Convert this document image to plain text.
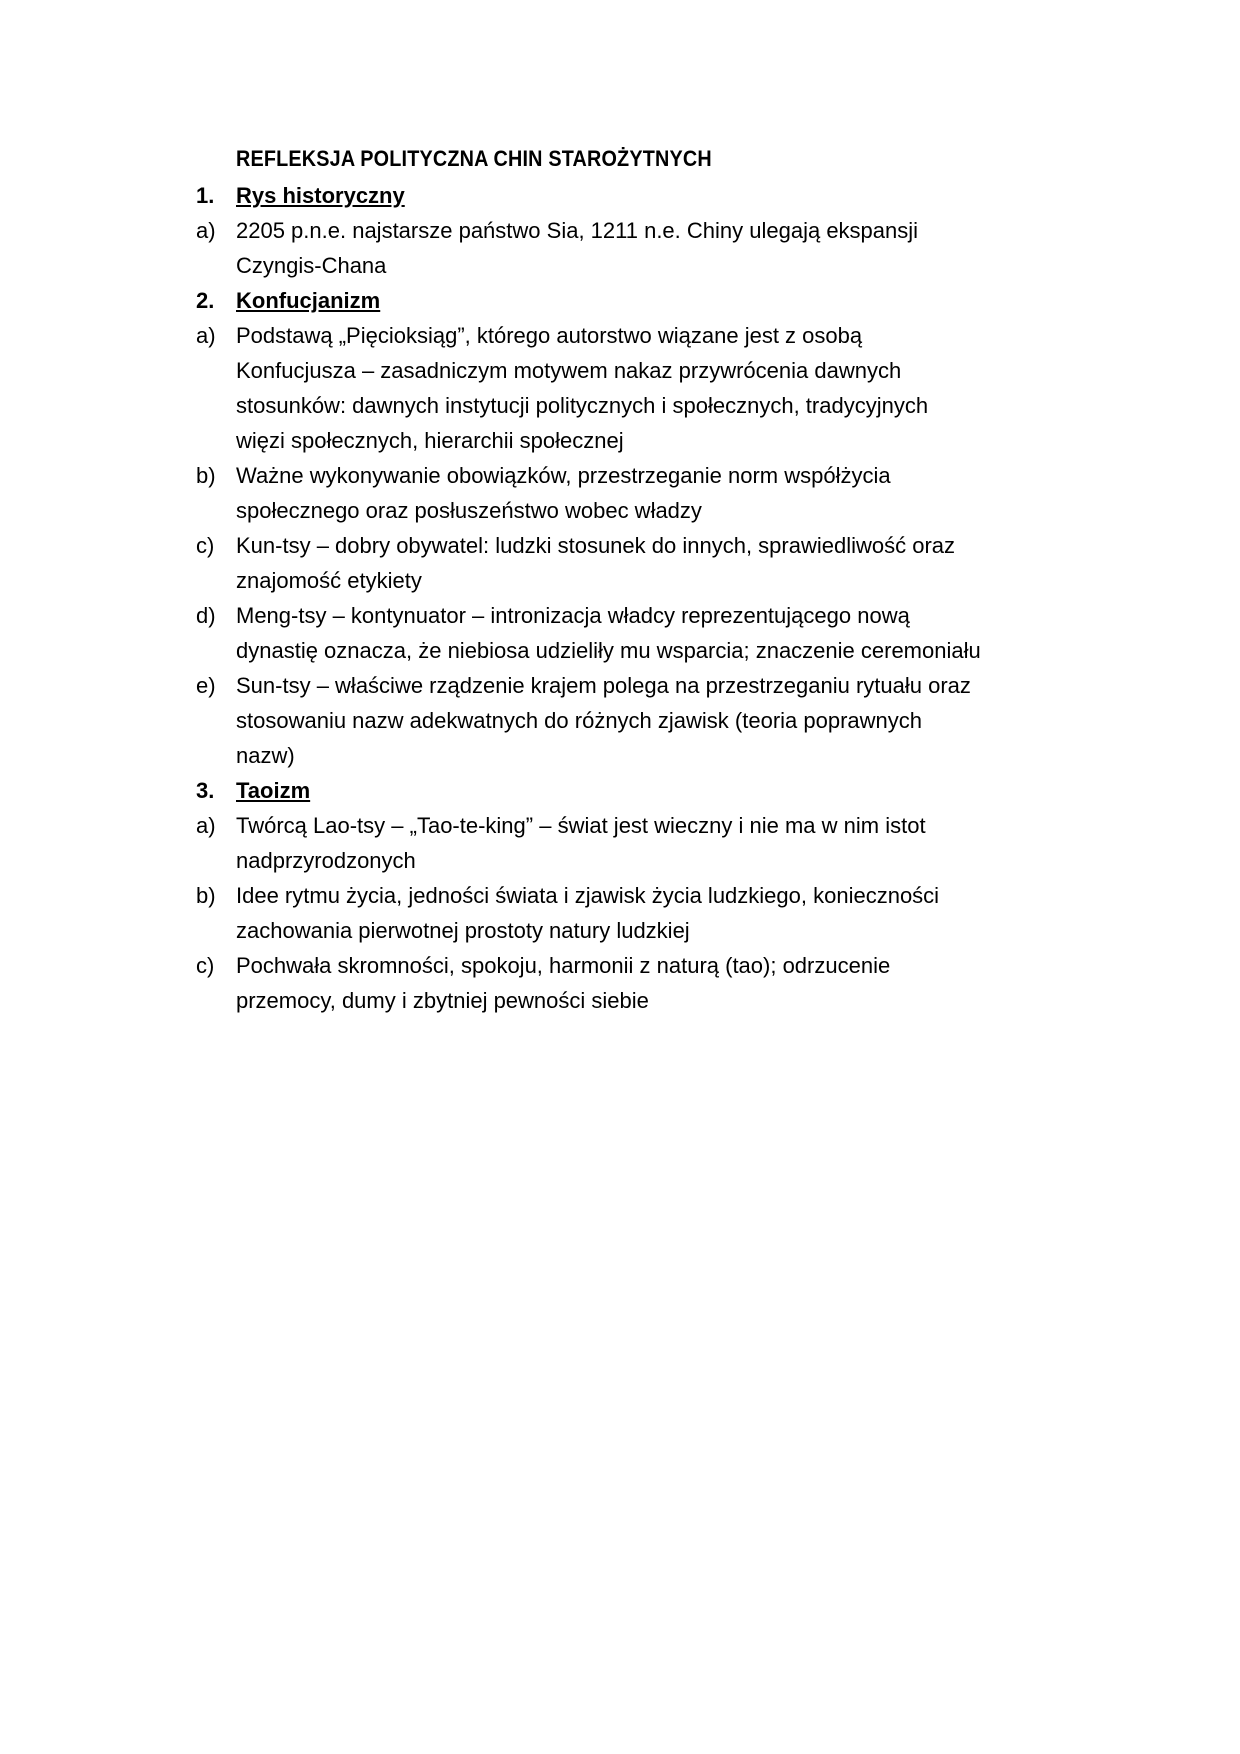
REFLEKSJA POLITYCZNA CHIN STAROŻYTNYCH
1. Rys historyczny
a) 2205 p.n.e. najstarsze państwo Sia, 1211 n.e. Chiny ulegają ekspansji
Czyngis-Chana
2. Konfucjanizm
a) Podstawą „Pięcioksiąg”, którego autorstwo wiązane jest z osobą
Konfucjusza – zasadniczym motywem nakaz przywrócenia dawnych
stosunków: dawnych instytucji politycznych i społecznych, tradycyjnych
więzi społecznych, hierarchii społecznej
b) Ważne wykonywanie obowiązków, przestrzeganie norm współżycia
społecznego oraz posłuszeństwo wobec władzy
c) Kun-tsy – dobry obywatel: ludzki stosunek do innych, sprawiedliwość oraz
znajomość etykiety
d) Meng-tsy – kontynuator – intronizacja władcy reprezentującego nową
dynastię oznacza, że niebiosa udzieliły mu wsparcia; znaczenie ceremoniału
e) Sun-tsy – właściwe rządzenie krajem polega na przestrzeganiu rytuału oraz
stosowaniu nazw adekwatnych do różnych zjawisk (teoria poprawnych
nazw)
3. Taoizm
a) Twórcą Lao-tsy – „Tao-te-king” – świat jest wieczny i nie ma w nim istot
nadprzyrodzonych
b) Idee rytmu życia, jedności świata i zjawisk życia ludzkiego, konieczności
zachowania pierwotnej prostoty natury ludzkiej
c) Pochwała skromności, spokoju, harmonii z naturą (tao); odrzucenie
przemocy, dumy i zbytniej pewności siebie
